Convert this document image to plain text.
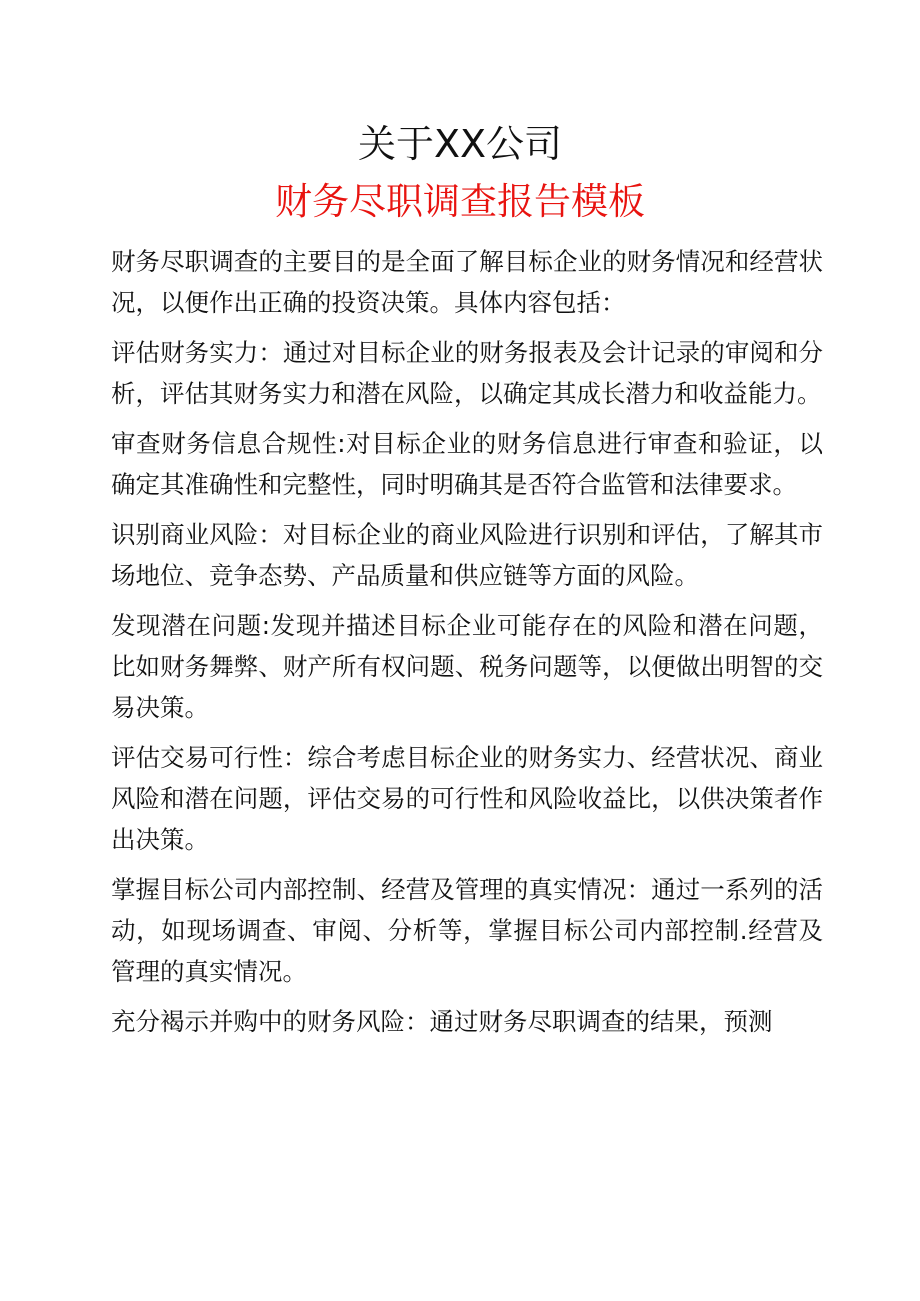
关于XX公司
财务尽职调查报告模板

财务尽职调查的主要目的是全面了解目标企业的财务情况和经营状况，以便作出正确的投资决策。具体内容包括：

评估财务实力：通过对目标企业的财务报表及会计记录的审阅和分析，评估其财务实力和潜在风险，以确定其成长潜力和收益能力。

审查财务信息合规性:对目标企业的财务信息进行审查和验证，以确定其准确性和完整性，同时明确其是否符合监管和法律要求。

识别商业风险：对目标企业的商业风险进行识别和评估，了解其市场地位、竞争态势、产品质量和供应链等方面的风险。

发现潜在问题:发现并描述目标企业可能存在的风险和潜在问题，比如财务舞弊、财产所有权问题、税务问题等，以便做出明智的交易决策。

评估交易可行性：综合考虑目标企业的财务实力、经营状况、商业风险和潜在问题，评估交易的可行性和风险收益比，以供决策者作出决策。

掌握目标公司内部控制、经营及管理的真实情况：通过一系列的活动，如现场调查、审阅、分析等，掌握目标公司内部控制.经营及管理的真实情况。

充分褐示并购中的财务风险：通过财务尽职调查的结果，预测
